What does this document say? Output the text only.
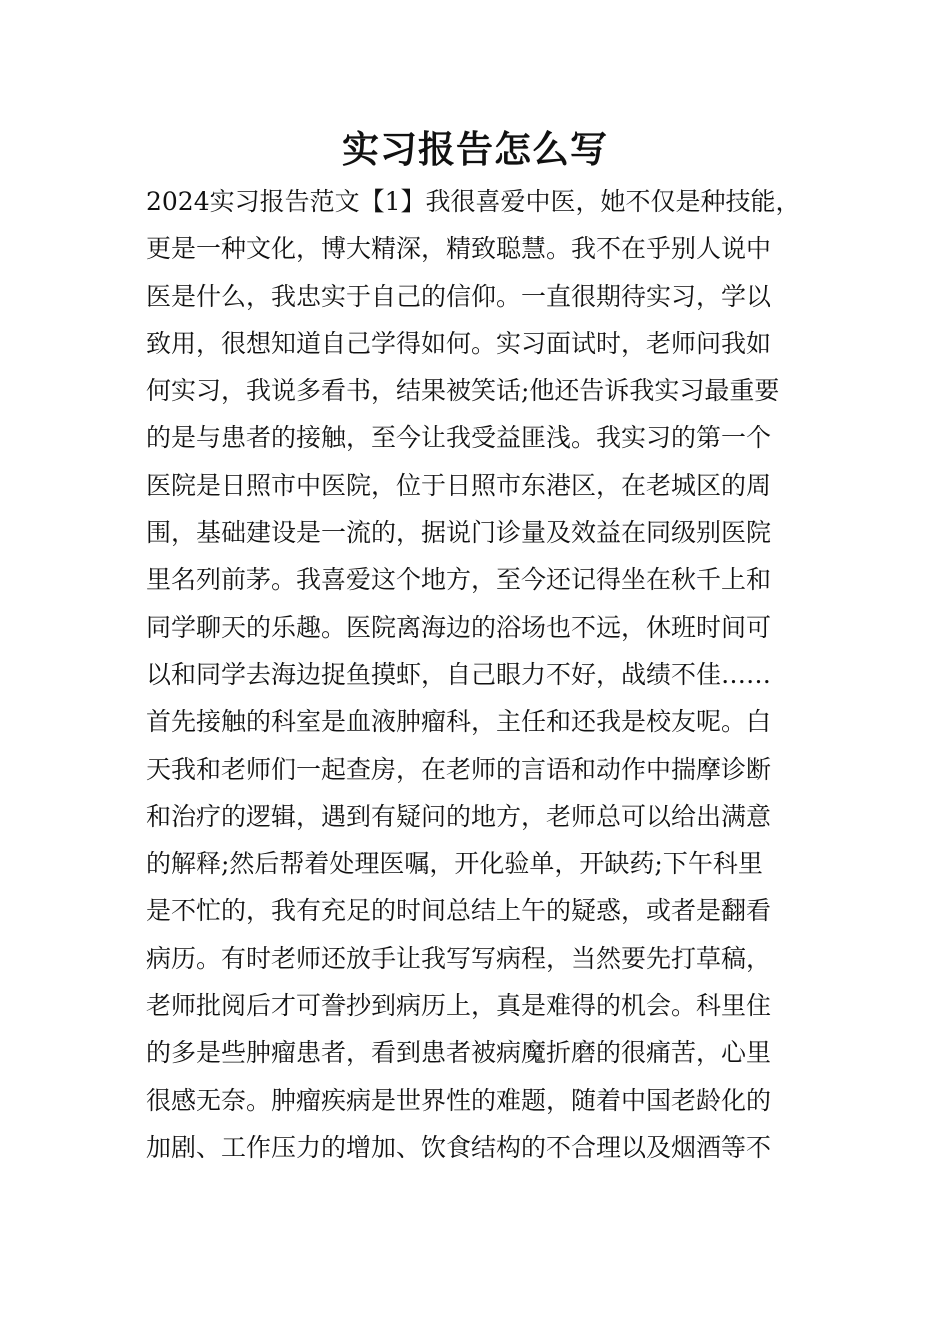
实习报告怎么写
2024实习报告范文【1】我很喜爱中医，她不仅是种技能，
更是一种文化，博大精深，精致聪慧。我不在乎别人说中
医是什么，我忠实于自己的信仰。一直很期待实习，学以
致用，很想知道自己学得如何。实习面试时，老师问我如
何实习，我说多看书，结果被笑话;他还告诉我实习最重要
的是与患者的接触，至今让我受益匪浅。我实习的第一个
医院是日照市中医院，位于日照市东港区，在老城区的周
围，基础建设是一流的，据说门诊量及效益在同级别医院
里名列前茅。我喜爱这个地方，至今还记得坐在秋千上和
同学聊天的乐趣。医院离海边的浴场也不远，休班时间可
以和同学去海边捉鱼摸虾，自己眼力不好，战绩不佳……
首先接触的科室是血液肿瘤科，主任和还我是校友呢。白
天我和老师们一起查房，在老师的言语和动作中揣摩诊断
和治疗的逻辑，遇到有疑问的地方，老师总可以给出满意
的解释;然后帮着处理医嘱，开化验单，开缺药;下午科里
是不忙的，我有充足的时间总结上午的疑惑，或者是翻看
病历。有时老师还放手让我写写病程，当然要先打草稿，
老师批阅后才可誊抄到病历上，真是难得的机会。科里住
的多是些肿瘤患者，看到患者被病魔折磨的很痛苦，心里
很感无奈。肿瘤疾病是世界性的难题，随着中国老龄化的
加剧、工作压力的增加、饮食结构的不合理以及烟酒等不
